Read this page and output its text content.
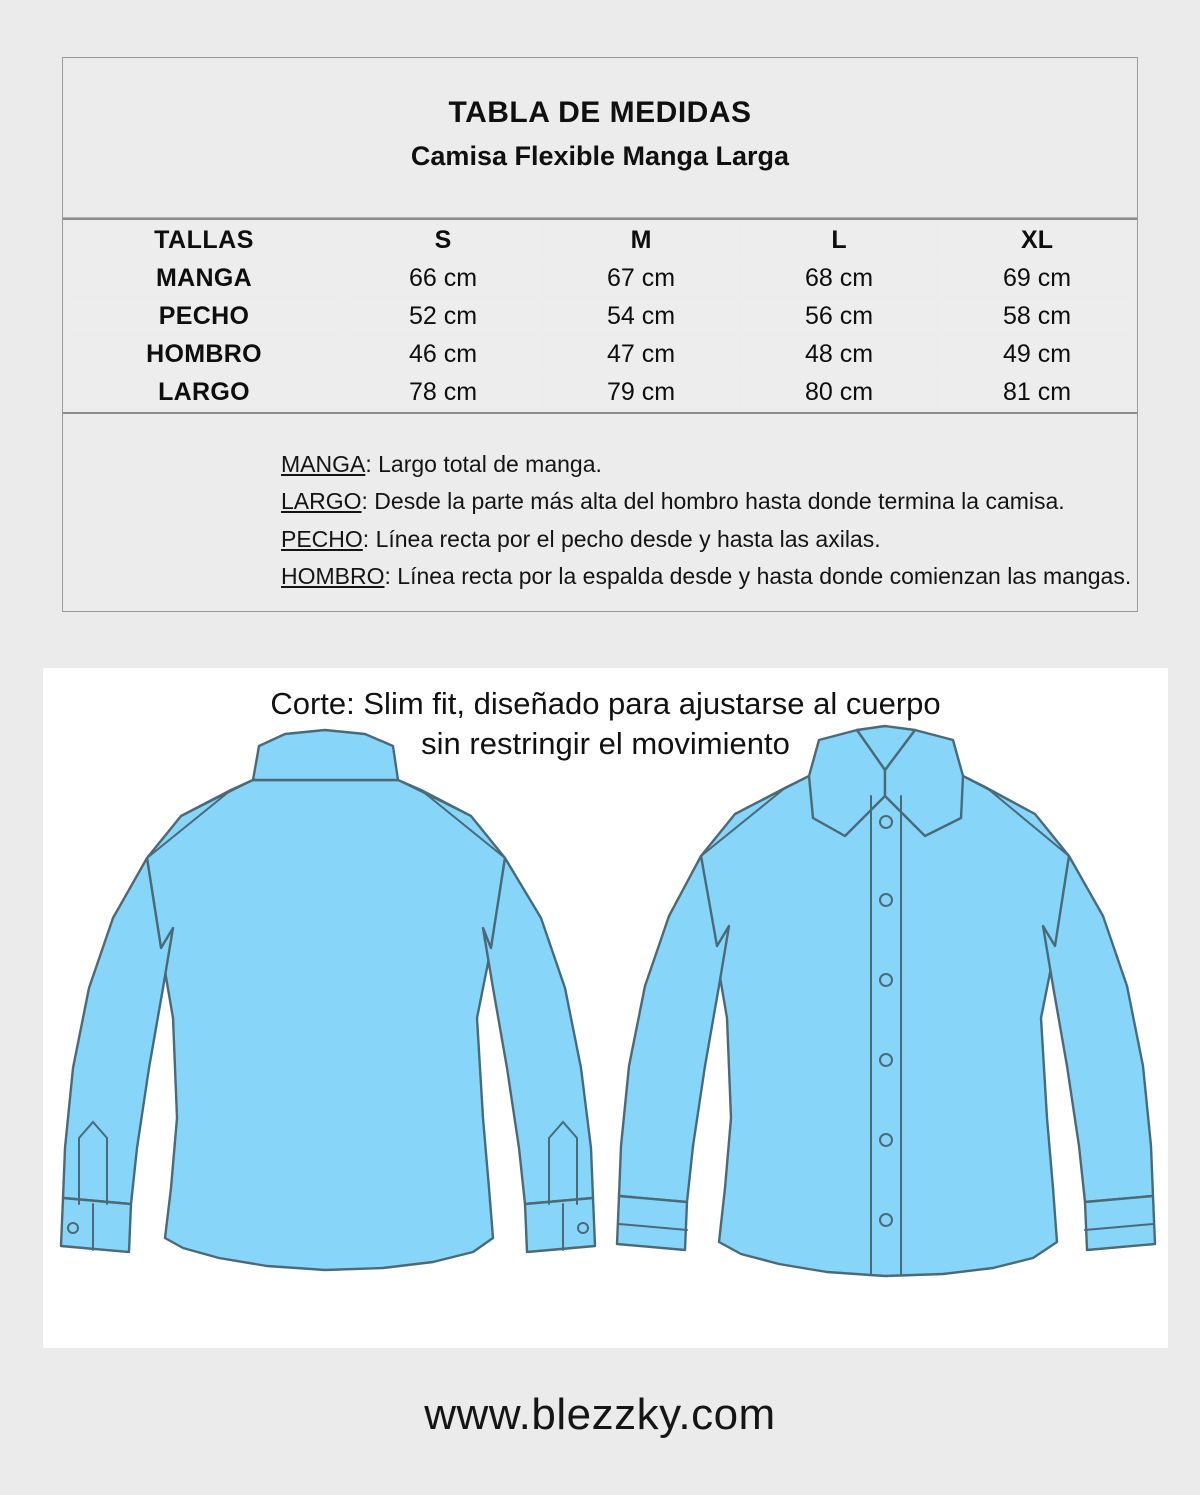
TABLA DE MEDIDAS
Camisa Flexible Manga Larga
TALLAS	S	M	L	XL
MANGA	66 cm	67 cm	68 cm	69 cm
PECHO	52 cm	54 cm	56 cm	58 cm
HOMBRO	46 cm	47 cm	48 cm	49 cm
LARGO	78 cm	79 cm	80 cm	81 cm
MANGA: Largo total de manga.
LARGO: Desde la parte más alta del hombro hasta donde termina la camisa.
PECHO: Línea recta por el pecho desde y hasta las axilas.
HOMBRO: Línea recta por la espalda desde y hasta donde comienzan las mangas.
Corte: Slim fit, diseñado para ajustarse al cuerpo
sin restringir el movimiento
www.blezzky.com
